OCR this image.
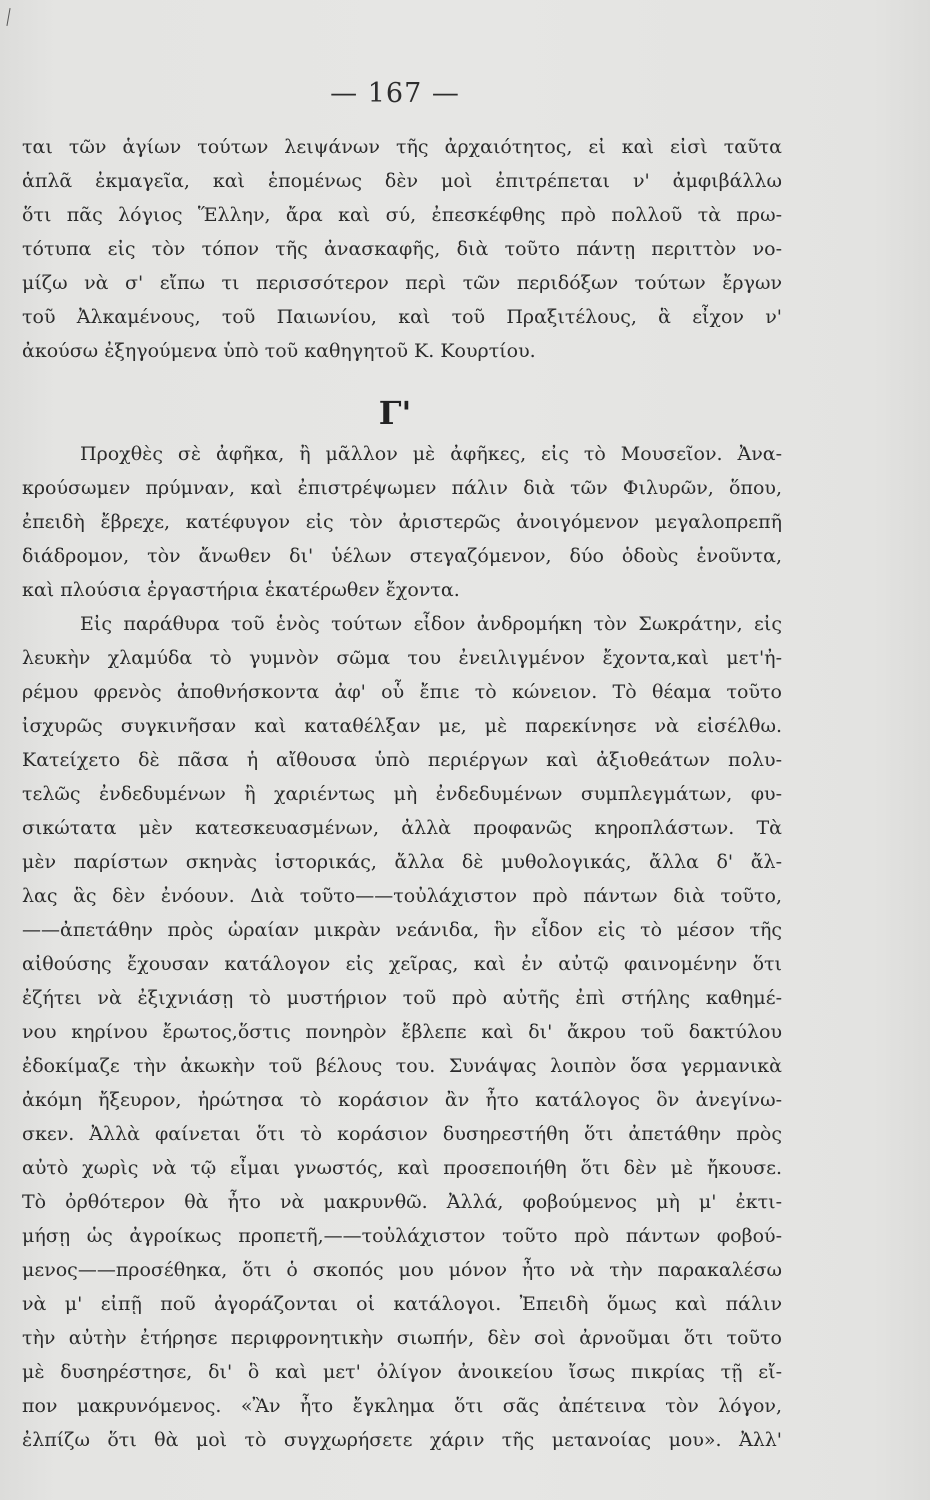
— 167 —
ται τῶν ἁγίων τούτων λειψάνων τῆς ἀρχαιότητος, εἰ καὶ εἰσὶ ταῦτα
ἁπλᾶ ἐκμαγεῖα, καὶ ἑπομένως δὲν μοὶ ἐπιτρέπεται ν' ἀμφιβάλλω
ὅτι πᾶς λόγιος Ἕλλην, ἄρα καὶ σύ, ἐπεσκέφθης πρὸ πολλοῦ τὰ πρω-
τότυπα εἰς τὸν τόπον τῆς ἀνασκαφῆς, διὰ τοῦτο πάντῃ περιττὸν νο-
μίζω νὰ σ' εἴπω τι περισσότερον περὶ τῶν περιδόξων τούτων ἔργων
τοῦ Ἀλκαμένους, τοῦ Παιωνίου, καὶ τοῦ Πραξιτέλους, ἃ εἶχον ν'
ἀκούσω ἐξηγούμενα ὑπὸ τοῦ καθηγητοῦ Κ. Κουρτίου.
Γ'
Προχθὲς σὲ ἀφῆκα, ἢ μᾶλλον μὲ ἀφῆκες, εἰς τὸ Μουσεῖον. Ἀνα-
κρούσωμεν πρύμναν, καὶ ἐπιστρέψωμεν πάλιν διὰ τῶν Φιλυρῶν, ὅπου,
ἐπειδὴ ἔβρεχε, κατέφυγον εἰς τὸν ἀριστερῶς ἀνοιγόμενον μεγαλοπρεπῆ
διάδρομον, τὸν ἄνωθεν δι' ὑέλων στεγαζόμενον, δύο ὁδοὺς ἑνοῦντα,
καὶ πλούσια ἐργαστήρια ἑκατέρωθεν ἔχοντα.
Εἰς παράθυρα τοῦ ἑνὸς τούτων εἶδον ἀνδρομήκη τὸν Σωκράτην, εἰς
λευκὴν χλαμύδα τὸ γυμνὸν σῶμα του ἐνειλιγμένον ἔχοντα,καὶ μετ'ἠ-
ρέμου φρενὸς ἀποθνήσκοντα ἀφ' οὗ ἔπιε τὸ κώνειον. Τὸ θέαμα τοῦτο
ἰσχυρῶς συγκινῆσαν καὶ καταθέλξαν με, μὲ παρεκίνησε νὰ εἰσέλθω.
Κατείχετο δὲ πᾶσα ἡ αἴθουσα ὑπὸ περιέργων καὶ ἀξιοθεάτων πολυ-
τελῶς ἐνδεδυμένων ἢ χαριέντως μὴ ἐνδεδυμένων συμπλεγμάτων, φυ-
σικώτατα μὲν κατεσκευασμένων, ἀλλὰ προφανῶς κηροπλάστων. Τὰ
μὲν παρίστων σκηνὰς ἱστορικάς, ἄλλα δὲ μυθολογικάς, ἄλλα δ' ἄλ-
λας ἃς δὲν ἐνόουν. Διὰ τοῦτο——τοὐλάχιστον πρὸ πάντων διὰ τοῦτο,
——ἀπετάθην πρὸς ὡραίαν μικρὰν νεάνιδα, ἣν εἶδον εἰς τὸ μέσον τῆς
αἰθούσης ἔχουσαν κατάλογον εἰς χεῖρας, καὶ ἐν αὐτῷ φαινομένην ὅτι
ἐζήτει νὰ ἐξιχνιάσῃ τὸ μυστήριον τοῦ πρὸ αὐτῆς ἐπὶ στήλης καθημέ-
νου κηρίνου ἔρωτος,ὅστις πονηρὸν ἔβλεπε καὶ δι' ἄκρου τοῦ δακτύλου
ἐδοκίμαζε τὴν ἀκωκὴν τοῦ βέλους του. Συνάψας λοιπὸν ὅσα γερμανικὰ
ἀκόμη ἤξευρον, ἠρώτησα τὸ κοράσιον ἂν ἦτο κατάλογος ὃν ἀνεγίνω-
σκεν. Ἀλλὰ φαίνεται ὅτι τὸ κοράσιον δυσηρεστήθη ὅτι ἀπετάθην πρὸς
αὐτὸ χωρὶς νὰ τῷ εἶμαι γνωστός, καὶ προσεποιήθη ὅτι δὲν μὲ ἤκουσε.
Τὸ ὀρθότερον θὰ ἦτο νὰ μακρυνθῶ. Ἀλλά, φοβούμενος μὴ μ' ἐκτι-
μήσῃ ὡς ἀγροίκως προπετῆ,——τοὐλάχιστον τοῦτο πρὸ πάντων φοβού-
μενος——προσέθηκα, ὅτι ὁ σκοπός μου μόνον ἦτο νὰ τὴν παρακαλέσω
νὰ μ' εἰπῇ ποῦ ἀγοράζονται οἱ κατάλογοι. Ἐπειδὴ ὅμως καὶ πάλιν
τὴν αὐτὴν ἐτήρησε περιφρονητικὴν σιωπήν, δὲν σοὶ ἀρνοῦμαι ὅτι τοῦτο
μὲ δυσηρέστησε, δι' ὃ καὶ μετ' ὀλίγον ἀνοικείου ἴσως πικρίας τῇ εἴ-
πον μακρυνόμενος. «Ἂν ἦτο ἔγκλημα ὅτι σᾶς ἀπέτεινα τὸν λόγον,
ἐλπίζω ὅτι θὰ μοὶ τὸ συγχωρήσετε χάριν τῆς μετανοίας μου». Ἀλλ'
